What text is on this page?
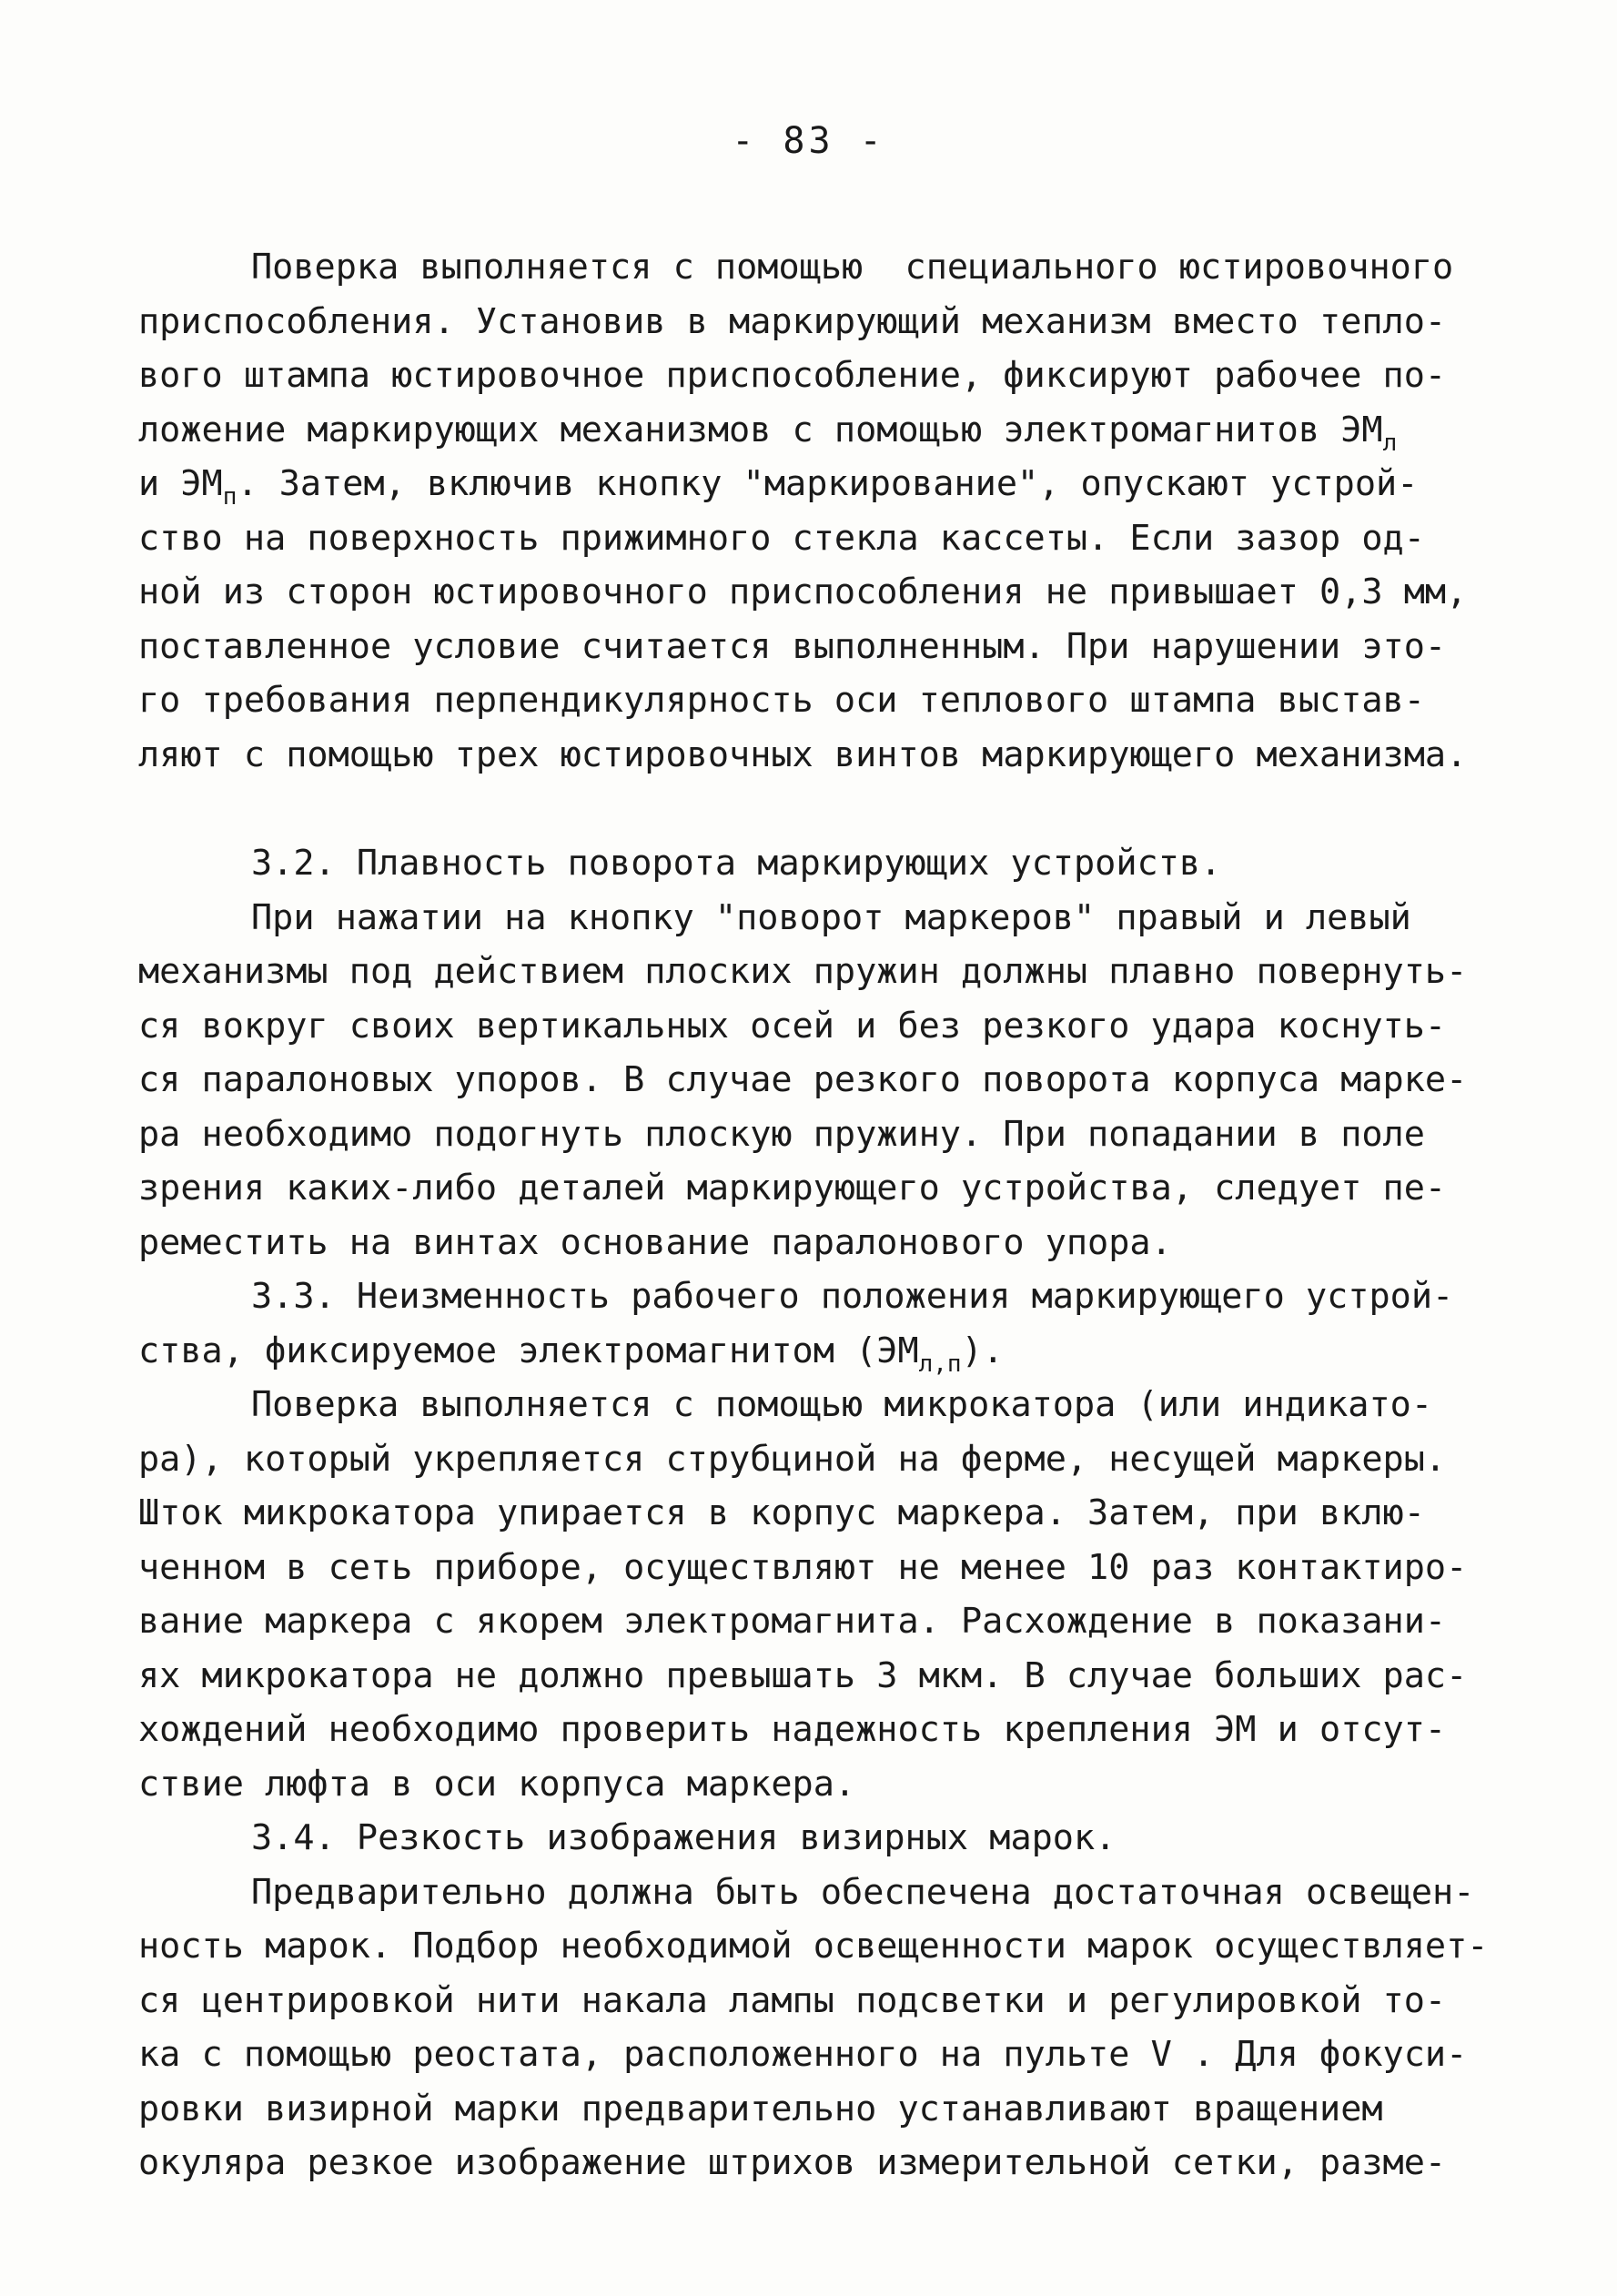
- 83 -
Поверка выполняется с помощью  специального юстировочного
приспособления. Установив в маркирующий механизм вместо тепло-
вого штампа юстировочное приспособление, фиксируют рабочее по-
ложение маркирующих механизмов с помощью электромагнитов $ЭМ_л$
и $ЭМ_п$. Затем, включив кнопку "маркирование", опускают устрой-
ство на поверхность прижимного стекла кассеты. Если зазор од-
ной из сторон юстировочного приспособления не привышает 0,3 мм,
поставленное условие считается выполненным. При нарушении это-
го требования перпендикулярность оси теплового штампа выстав-
ляют с помощью трех юстировочных винтов маркирующего механизма.
3.2. Плавность поворота маркирующих устройств.
При нажатии на кнопку "поворот маркеров" правый и левый
механизмы под действием плоских пружин должны плавно повернуть-
ся вокруг своих вертикальных осей и без резкого удара коснуть-
ся паралоновых упоров. В случае резкого поворота корпуса марке-
ра необходимо подогнуть плоскую пружину. При попадании в поле
зрения каких-либо деталей маркирующего устройства, следует пе-
реместить на винтах основание паралонового упора.
3.3. Неизменность рабочего положения маркирующего устрой-
ства, фиксируемое электромагнитом $(ЭМ_{л,п})$.
Поверка выполняется с помощью микрокатора (или индикато-
ра), который укрепляется струбциной на ферме, несущей маркеры.
Шток микрокатора упирается в корпус маркера. Затем, при вклю-
ченном в сеть приборе, осуществляют не менее 10 раз контактиро-
вание маркера с якорем электромагнита. Расхождение в показани-
ях микрокатора не должно превышать 3 мкм. В случае больших рас-
хождений необходимо проверить надежность крепления ЭМ и отсут-
ствие люфта в оси корпуса маркера.
3.4. Резкость изображения визирных марок.
Предварительно должна быть обеспечена достаточная освещен-
ность марок. Подбор необходимой освещенности марок осуществляет-
ся центрировкой нити накала лампы подсветки и регулировкой то-
ка с помощью реостата, расположенного на пульте V . Для фокуси-
ровки визирной марки предварительно устанавливают вращением
окуляра резкое изображение штрихов измерительной сетки, разме-
